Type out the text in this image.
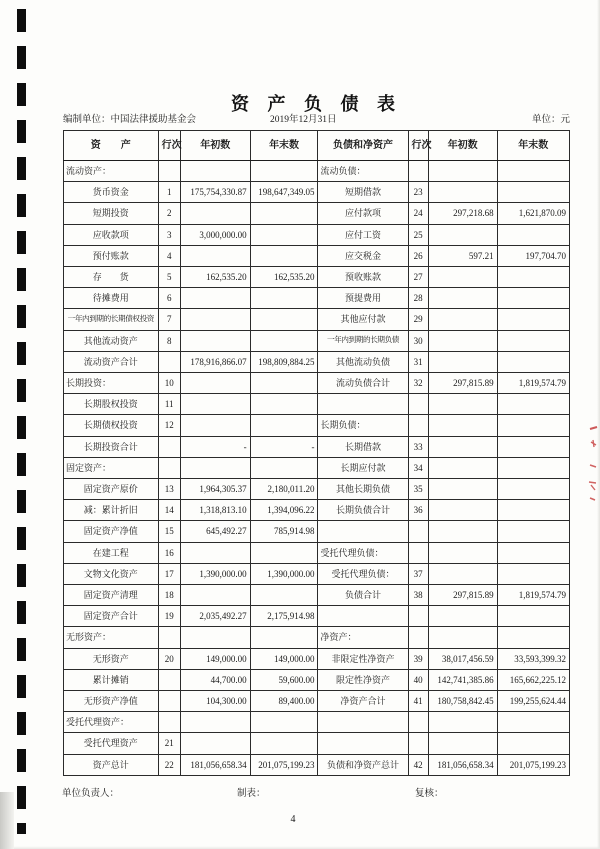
资 产 负 债 表
编制单位：中国法律援助基金会	2019年12月31日	单位：元
资　　产	行次	年初数	年末数	负债和净资产	行次	年初数	年末数
流动资产：				流动负债：			
货币资金	1	175,754,330.87	198,647,349.05	短期借款	23		
短期投资	2			应付款项	24	297,218.68	1,621,870.09
应收款项	3	3,000,000.00		应付工资	25		
预付账款	4			应交税金	26	597.21	197,704.70
存　　货	5	162,535.20	162,535.20	预收账款	27		
待摊费用	6			预提费用	28		
一年内到期的长期债权投资	7			其他应付款	29		
其他流动资产	8			一年内到期的长期负债	30		
流动资产合计		178,916,866.07	198,809,884.25	其他流动负债	31		
长期投资：	10			流动负债合计	32	297,815.89	1,819,574.79
长期股权投资	11						
长期债权投资	12			长期负债：			
长期投资合计		-	-	长期借款	33		
固定资产：				长期应付款	34		
固定资产原价	13	1,964,305.37	2,180,011.20	其他长期负债	35		
减：累计折旧	14	1,318,813.10	1,394,096.22	长期负债合计	36		
固定资产净值	15	645,492.27	785,914.98				
在建工程	16			受托代理负债：			
文物文化资产	17	1,390,000.00	1,390,000.00	受托代理负债：	37		
固定资产清理	18			负债合计	38	297,815.89	1,819,574.79
固定资产合计	19	2,035,492.27	2,175,914.98				
无形资产：				净资产：			
无形资产	20	149,000.00	149,000.00	非限定性净资产	39	38,017,456.59	33,593,399.32
累计摊销		44,700.00	59,600.00	限定性净资产	40	142,741,385.86	165,662,225.12
无形资产净值		104,300.00	89,400.00	净资产合计	41	180,758,842.45	199,255,624.44
受托代理资产：							
受托代理资产	21						
资产总计	22	181,056,658.34	201,075,199.23	负债和净资产总计	42	181,056,658.34	201,075,199.23
单位负责人：	制表：	复核：
4
